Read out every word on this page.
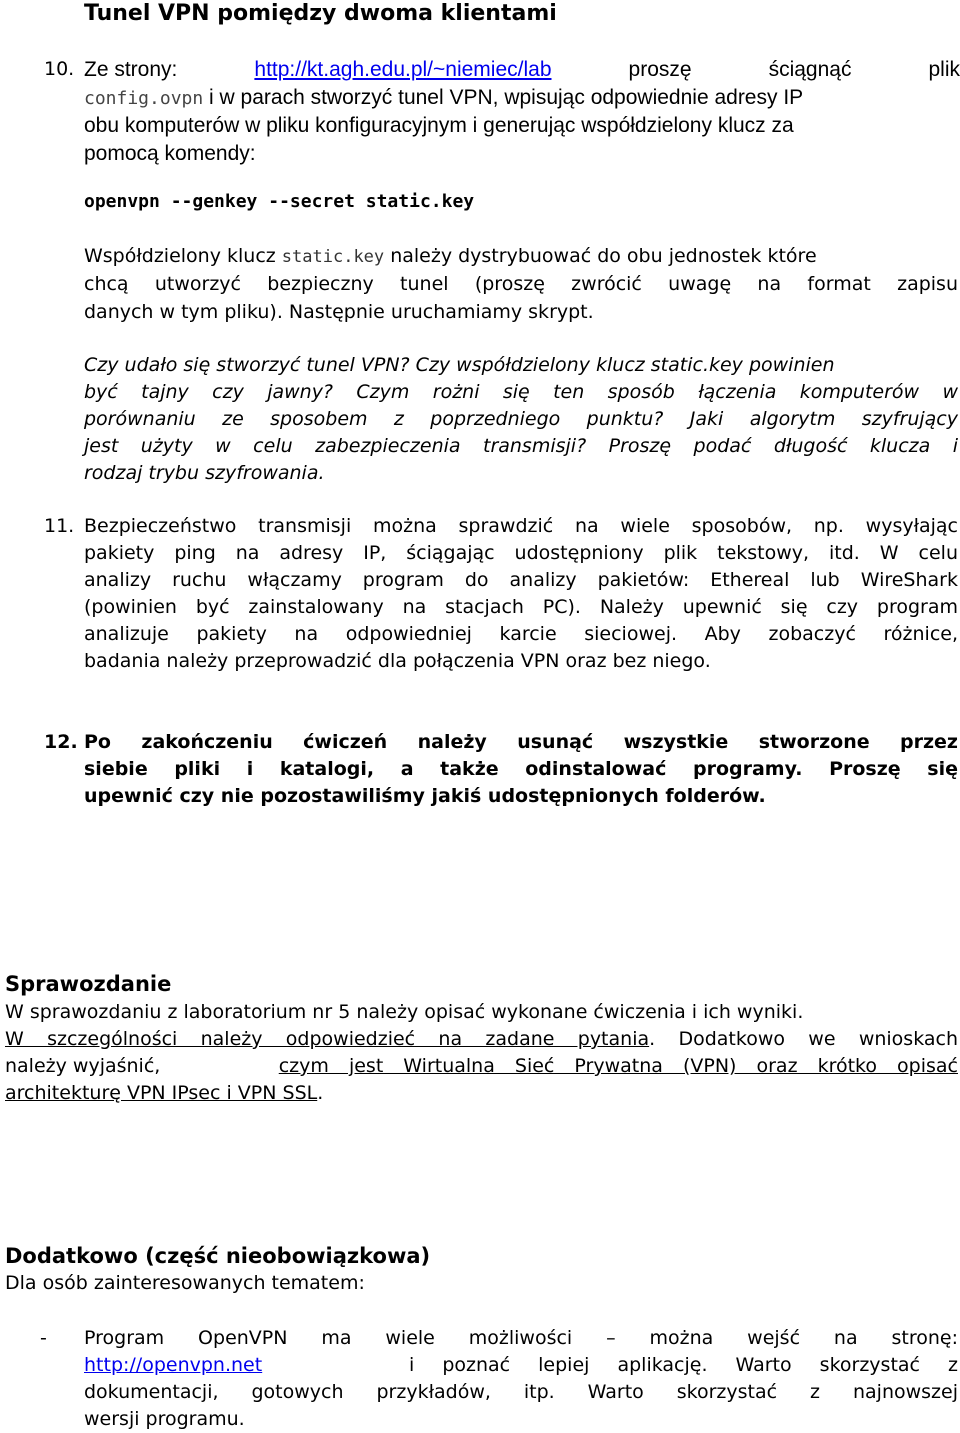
Tunel VPN pomiędzy dwoma klientami
10. Ze strony:	http://kt.agh.edu.pl/~niemiec/lab	proszę	ściągnąć	plik
config.ovpn i w parach stworzyć tunel VPN, wpisując odpowiednie adresy IP
obu komputerów w pliku konfiguracyjnym i generując współdzielony klucz za
pomocą komendy:
openvpn --genkey --secret static.key
Współdzielony klucz static.key należy dystrybuować do obu jednostek które
chcą utworzyć bezpieczny tunel (proszę zwrócić uwagę na format zapisu
danych w tym pliku). Następnie uruchamiamy skrypt.
Czy udało się stworzyć tunel VPN? Czy współdzielony klucz static.key powinien
być tajny czy jawny? Czym rożni się ten sposób łączenia komputerów w
porównaniu ze sposobem z poprzedniego punktu? Jaki algorytm szyfrujący
jest użyty w celu zabezpieczenia transmisji? Proszę podać długość klucza i
rodzaj trybu szyfrowania.
11. Bezpieczeństwo transmisji można sprawdzić na wiele sposobów, np. wysyłając
pakiety ping na adresy IP, ściągając udostępniony plik tekstowy, itd. W celu
analizy ruchu włączamy program do analizy pakietów: Ethereal lub WireShark
(powinien być zainstalowany na stacjach PC). Należy upewnić się czy program
analizuje pakiety na odpowiedniej karcie sieciowej. Aby zobaczyć różnice,
badania należy przeprowadzić dla połączenia VPN oraz bez niego.
12. Po zakończeniu ćwiczeń należy usunąć wszystkie stworzone przez
siebie pliki i katalogi, a także odinstalować programy. Proszę się
upewnić czy nie pozostawiliśmy jakiś udostępnionych folderów.
Sprawozdanie
W sprawozdaniu z laboratorium nr 5 należy opisać wykonane ćwiczenia i ich wyniki.
W szczególności należy odpowiedzieć na zadane pytania. Dodatkowo we wnioskach
należy wyjaśnić,	czym jest Wirtualna Sieć Prywatna (VPN) oraz krótko opisać
architekturę VPN IPsec i VPN SSL.
Dodatkowo (część nieobowiązkowa)
Dla osób zainteresowanych tematem:
- Program OpenVPN ma wiele możliwości – można wejść na stronę:
http://openvpn.net	i poznać lepiej aplikację. Warto skorzystać z
dokumentacji, gotowych przykładów, itp. Warto skorzystać z najnowszej
wersji programu.
